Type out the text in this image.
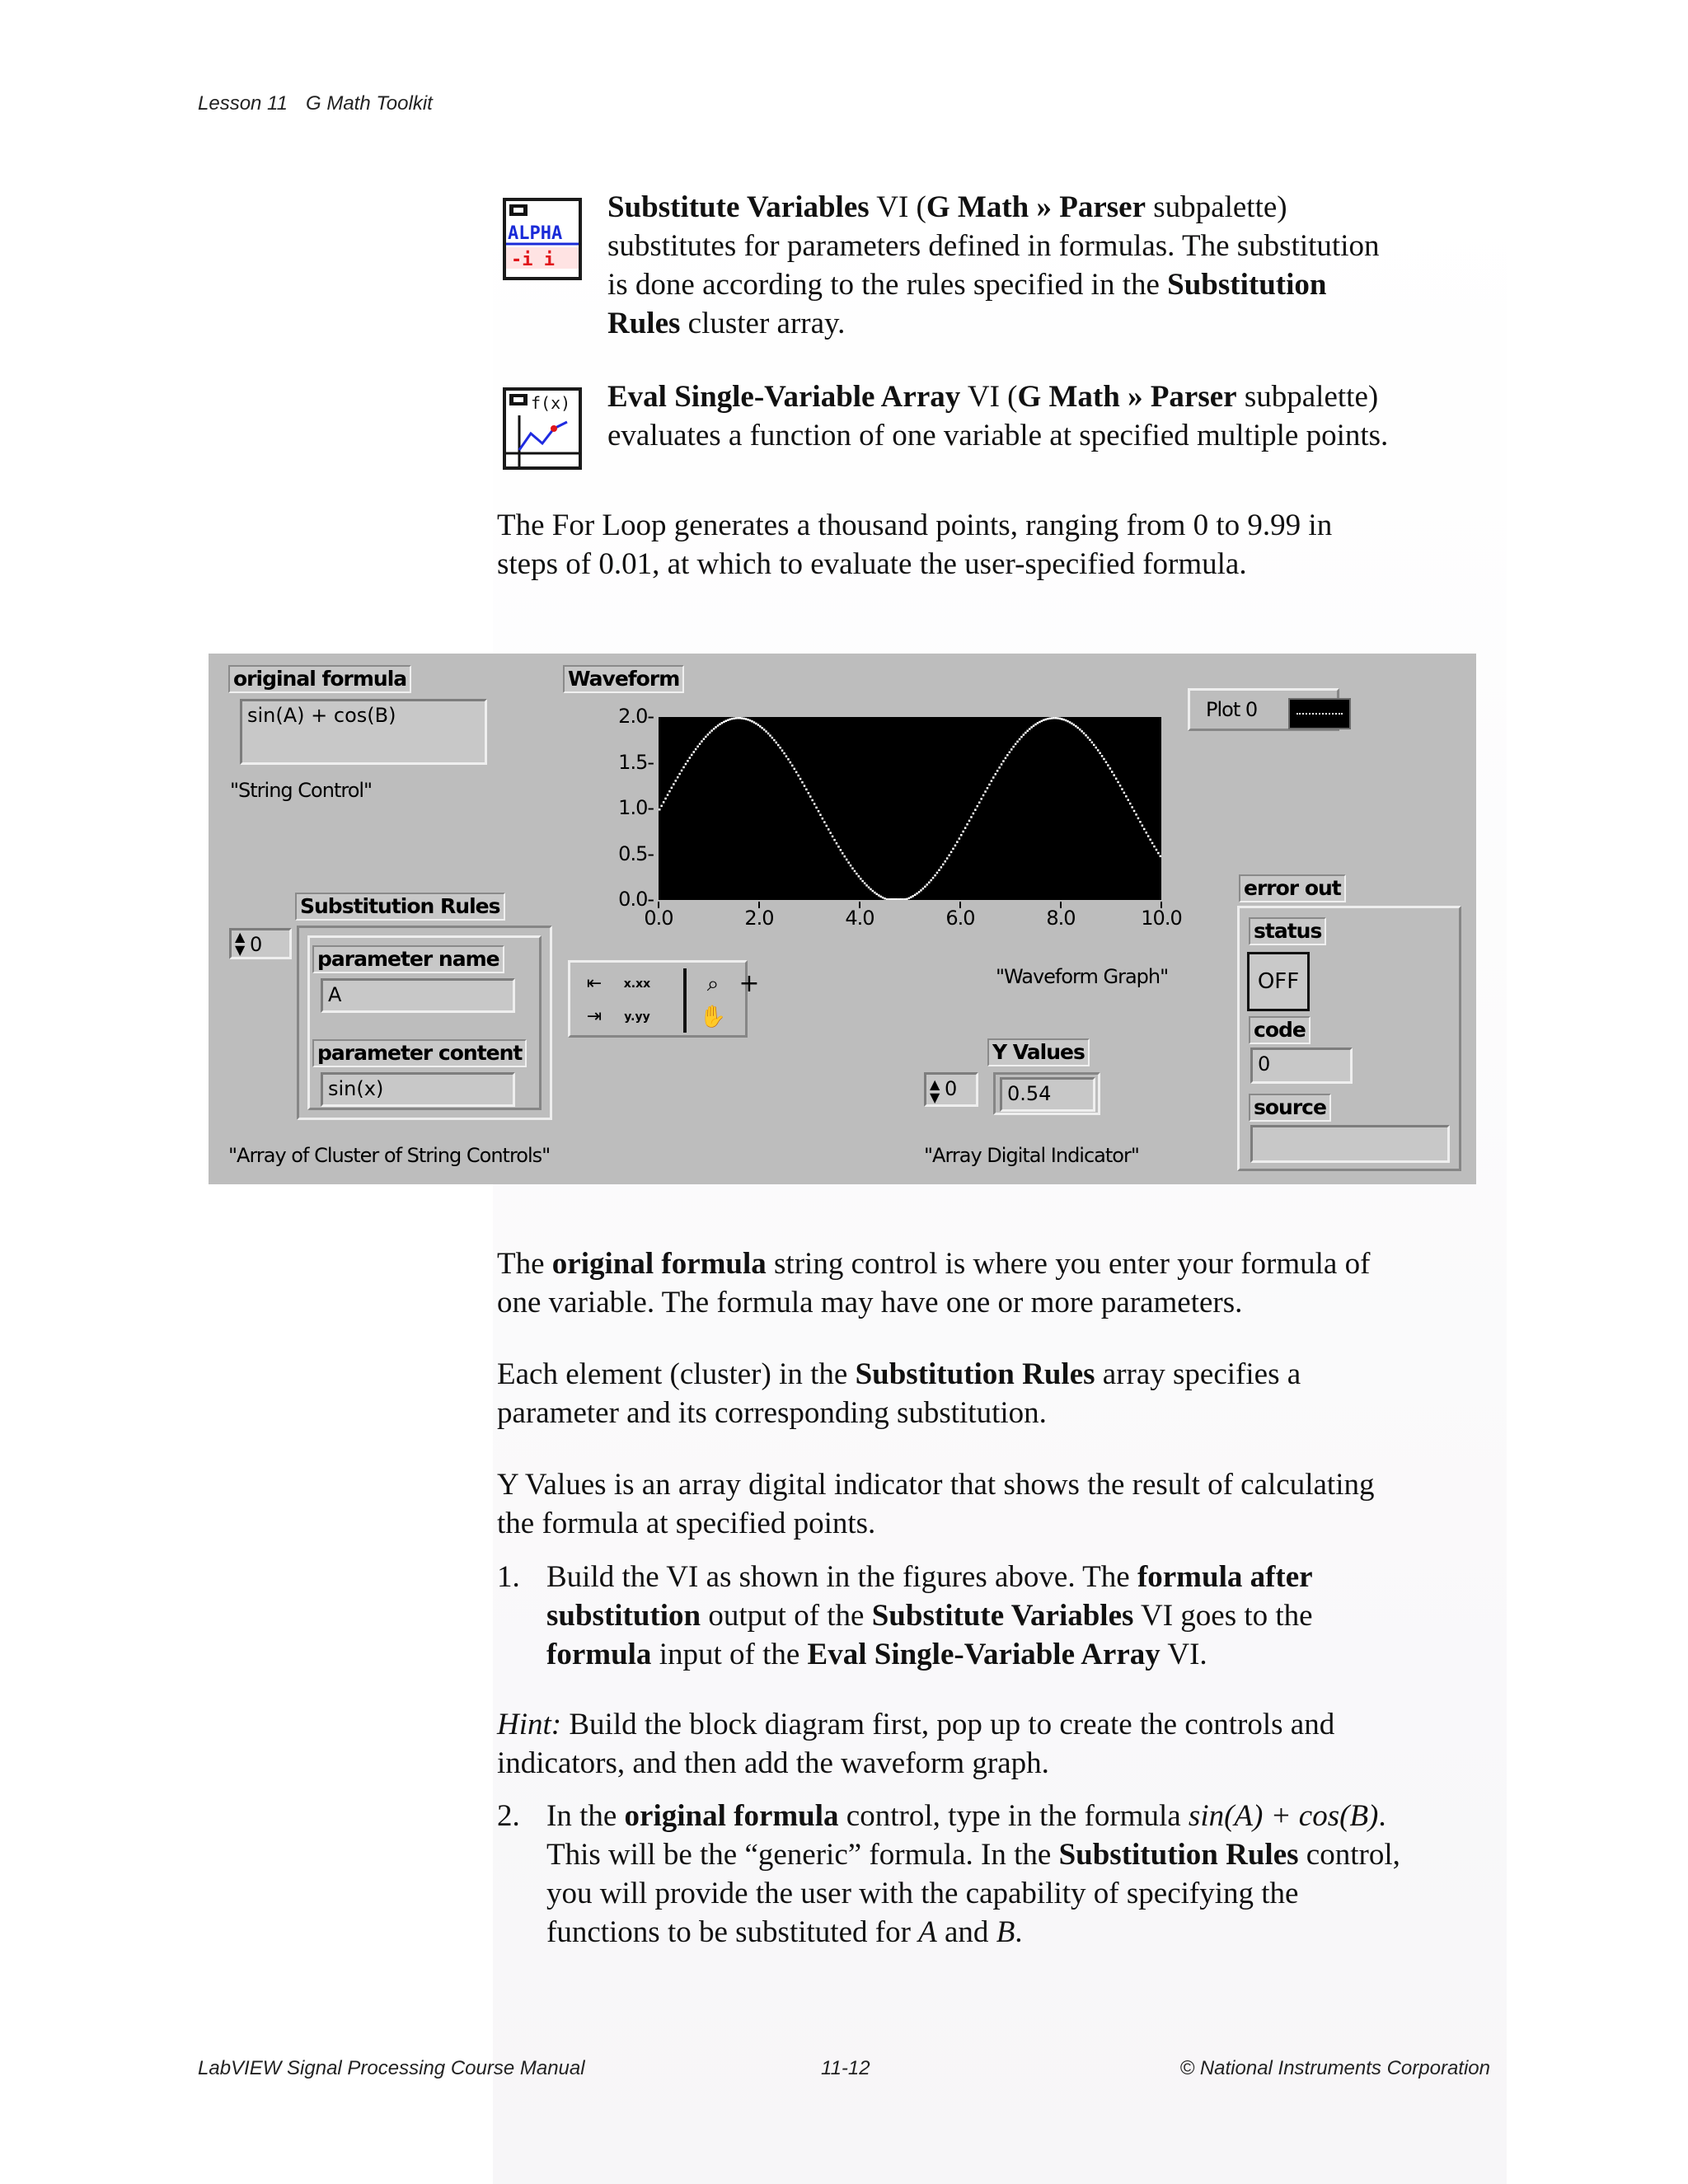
Lesson 11 G Math Toolkit
ALPHA
-i i
Substitute Variables VI (G Math » Parser subpalette)
substitutes for parameters defined in formulas. The substitution
is done according to the rules specified in the Substitution
Rules cluster array.
f(x) Eval Single-Variable Array VI (G Math » Parser subpalette)
evaluates a function of one variable at specified multiple points.
The For Loop generates a thousand points, ranging from 0 to 9.99 in
steps of 0.01, at which to evaluate the user-specified formula.
original formula
sin(A) + cos(B)
"String Control"
Substitution Rules
▲
▼ 0
parameter name
A
parameter content
sin(x)
"Array of Cluster of String Controls"
Waveform
2.0-
1.5-
1.0-
0.5-
0.0-
0.0	2.0	4.0	6.0	8.0	10.0
"Waveform Graph"
⇤
⇥
x.xx
y.yy
⌕ +
✋
Plot 0
Y Values
▲
▼ 0	0.54
"Array Digital Indicator"
error out
status
OFF
code
0
source
The original formula string control is where you enter your formula of
one variable. The formula may have one or more parameters.
Each element (cluster) in the Substitution Rules array specifies a
parameter and its corresponding substitution.
Y Values is an array digital indicator that shows the result of calculating
the formula at specified points.
1. Build the VI as shown in the figures above. The formula after
substitution output of the Substitute Variables VI goes to the
formula input of the Eval Single-Variable Array VI.
Hint: Build the block diagram first, pop up to create the controls and
indicators, and then add the waveform graph.
2. In the original formula control, type in the formula sin(A) + cos(B).
This will be the “generic” formula. In the Substitution Rules control,
you will provide the user with the capability of specifying the
functions to be substituted for A and B.
LabVIEW Signal Processing Course Manual	11-12	© National Instruments Corporation
